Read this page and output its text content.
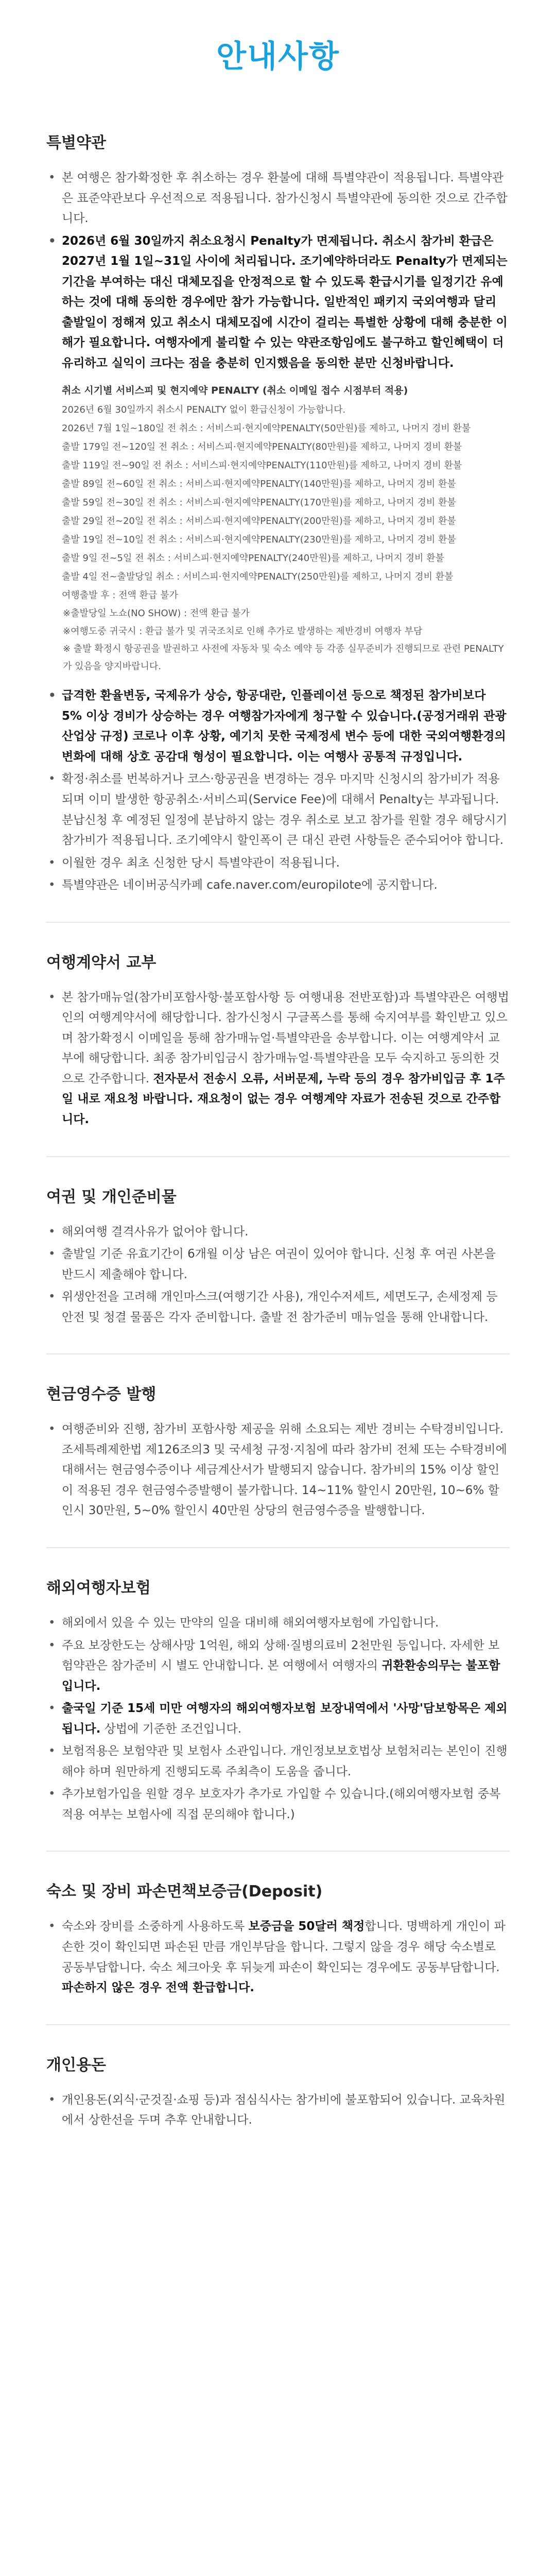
안내사항
특별약관
• 본 여행은 참가확정한 후 취소하는 경우 환불에 대해 특별약관이 적용됩니다. 특별약관은 표준약관보다 우선적으로 적용됩니다. 참가신청시 특별약관에 동의한 것으로 간주합니다.
• 2026년 6월 30일까지 취소요청시 Penalty가 면제됩니다. 취소시 참가비 환급은 2027년 1월 1일~31일 사이에 처리됩니다. 조기예약하더라도 Penalty가 면제되는 기간을 부여하는 대신 대체모집을 안정적으로 할 수 있도록 환급시기를 일정기간 유예하는 것에 대해 동의한 경우에만 참가 가능합니다. 일반적인 패키지 국외여행과 달리 출발일이 정해져 있고 취소시 대체모집에 시간이 걸리는 특별한 상황에 대해 충분한 이해가 필요합니다. 여행자에게 불리할 수 있는 약관조항임에도 불구하고 할인혜택이 더 유리하고 실익이 크다는 점을 충분히 인지했음을 동의한 분만 신청바랍니다.
취소 시기별 서비스피 및 현지예약 PENALTY (취소 이메일 접수 시점부터 적용)
2026년 6월 30일까지 취소시 PENALTY 없이 환급신청이 가능합니다.
2026년 7월 1일~180일 전 취소 : 서비스피·현지예약PENALTY(50만원)를 제하고, 나머지 경비 환불
출발 179일 전~120일 전 취소 : 서비스피·현지예약PENALTY(80만원)를 제하고, 나머지 경비 환불
출발 119일 전~90일 전 취소 : 서비스피·현지예약PENALTY(110만원)를 제하고, 나머지 경비 환불
출발 89일 전~60일 전 취소 : 서비스피·현지예약PENALTY(140만원)를 제하고, 나머지 경비 환불
출발 59일 전~30일 전 취소 : 서비스피·현지예약PENALTY(170만원)를 제하고, 나머지 경비 환불
출발 29일 전~20일 전 취소 : 서비스피·현지예약PENALTY(200만원)를 제하고, 나머지 경비 환불
출발 19일 전~10일 전 취소 : 서비스피·현지예약PENALTY(230만원)를 제하고, 나머지 경비 환불
출발 9일 전~5일 전 취소 : 서비스피·현지예약PENALTY(240만원)를 제하고, 나머지 경비 환불
출발 4일 전~출발당일 취소 : 서비스피·현지예약PENALTY(250만원)를 제하고, 나머지 경비 환불
여행출발 후 : 전액 환급 불가
※출발당일 노쇼(NO SHOW) : 전액 환급 불가
※여행도중 귀국시 : 환급 불가 및 귀국조치로 인해 추가로 발생하는 제반경비 여행자 부담
※ 출발 확정시 항공권을 발권하고 사전에 자동차 및 숙소 예약 등 각종 실무준비가 진행되므로 관련 PENALTY가 있음을 양지바랍니다.
• 급격한 환율변동, 국제유가 상승, 항공대란, 인플레이션 등으로 책정된 참가비보다 5% 이상 경비가 상승하는 경우 여행참가자에게 청구할 수 있습니다.(공정거래위 관광산업상 규정) 코로나 이후 상황, 예기치 못한 국제정세 변수 등에 대한 국외여행환경의 변화에 대해 상호 공감대 형성이 필요합니다. 이는 여행사 공통적 규정입니다.
• 확정·취소를 번복하거나 코스·항공권을 변경하는 경우 마지막 신청시의 참가비가 적용되며 이미 발생한 항공취소·서비스피(Service Fee)에 대해서 Penalty는 부과됩니다. 분납신청 후 예정된 일정에 분납하지 않는 경우 취소로 보고 참가를 원할 경우 해당시기 참가비가 적용됩니다. 조기예약시 할인폭이 큰 대신 관련 사항들은 준수되어야 합니다.
• 이월한 경우 최초 신청한 당시 특별약관이 적용됩니다.
• 특별약관은 네이버공식카페 cafe.naver.com/europilote에 공지합니다.
여행계약서 교부
• 본 참가매뉴얼(참가비포함사항·불포함사항 등 여행내용 전반포함)과 특별약관은 여행법인의 여행계약서에 해당합니다. 참가신청시 구글폭스를 통해 숙지여부를 확인받고 있으며 참가확정시 이메일을 통해 참가매뉴얼·특별약관을 송부합니다. 이는 여행계약서 교부에 해당합니다. 최종 참가비입금시 참가매뉴얼·특별약관을 모두 숙지하고 동의한 것으로 간주합니다. 전자문서 전송시 오류, 서버문제, 누락 등의 경우 참가비입금 후 1주일 내로 재요청 바랍니다. 재요청이 없는 경우 여행계약 자료가 전송된 것으로 간주합니다.
여권 및 개인준비물
• 해외여행 결격사유가 없어야 합니다.
• 출발일 기준 유효기간이 6개월 이상 남은 여권이 있어야 합니다. 신청 후 여권 사본을 반드시 제출해야 합니다.
• 위생안전을 고려해 개인마스크(여행기간 사용), 개인수저세트, 세면도구, 손세정제 등 안전 및 청결 물품은 각자 준비합니다. 출발 전 참가준비 매뉴얼을 통해 안내합니다.
현금영수증 발행
• 여행준비와 진행, 참가비 포함사항 제공을 위해 소요되는 제반 경비는 수탁경비입니다. 조세특례제한법 제126조의3 및 국세청 규정·지침에 따라 참가비 전체 또는 수탁경비에 대해서는 현금영수증이나 세금계산서가 발행되지 않습니다. 참가비의 15% 이상 할인이 적용된 경우 현금영수증발행이 불가합니다. 14~11% 할인시 20만원, 10~6% 할인시 30만원, 5~0% 할인시 40만원 상당의 현금영수증을 발행합니다.
해외여행자보험
• 해외에서 있을 수 있는 만약의 일을 대비해 해외여행자보험에 가입합니다.
• 주요 보장한도는 상해사망 1억원, 해외 상해·질병의료비 2천만원 등입니다. 자세한 보험약관은 참가준비 시 별도 안내합니다. 본 여행에서 여행자의 귀환환송의무는 불포함입니다.
• 출국일 기준 15세 미만 여행자의 해외여행자보험 보장내역에서 '사망'담보항목은 제외됩니다. 상법에 기준한 조건입니다.
• 보험적용은 보험약관 및 보험사 소관입니다. 개인정보보호법상 보험처리는 본인이 진행해야 하며 원만하게 진행되도록 주최측이 도움을 줍니다.
• 추가보험가입을 원할 경우 보호자가 추가로 가입할 수 있습니다.(해외여행자보험 중복적용 여부는 보험사에 직접 문의해야 합니다.)
숙소 및 장비 파손면책보증금(Deposit)
• 숙소와 장비를 소중하게 사용하도록 보증금을 50달러 책정합니다. 명백하게 개인이 파손한 것이 확인되면 파손된 만큼 개인부담을 합니다. 그렇지 않을 경우 해당 숙소별로 공동부담합니다. 숙소 체크아웃 후 뒤늦게 파손이 확인되는 경우에도 공동부담합니다. 파손하지 않은 경우 전액 환급합니다.
개인용돈
• 개인용돈(외식·군것질·쇼핑 등)과 점심식사는 참가비에 불포함되어 있습니다. 교육차원에서 상한선을 두며 추후 안내합니다.
